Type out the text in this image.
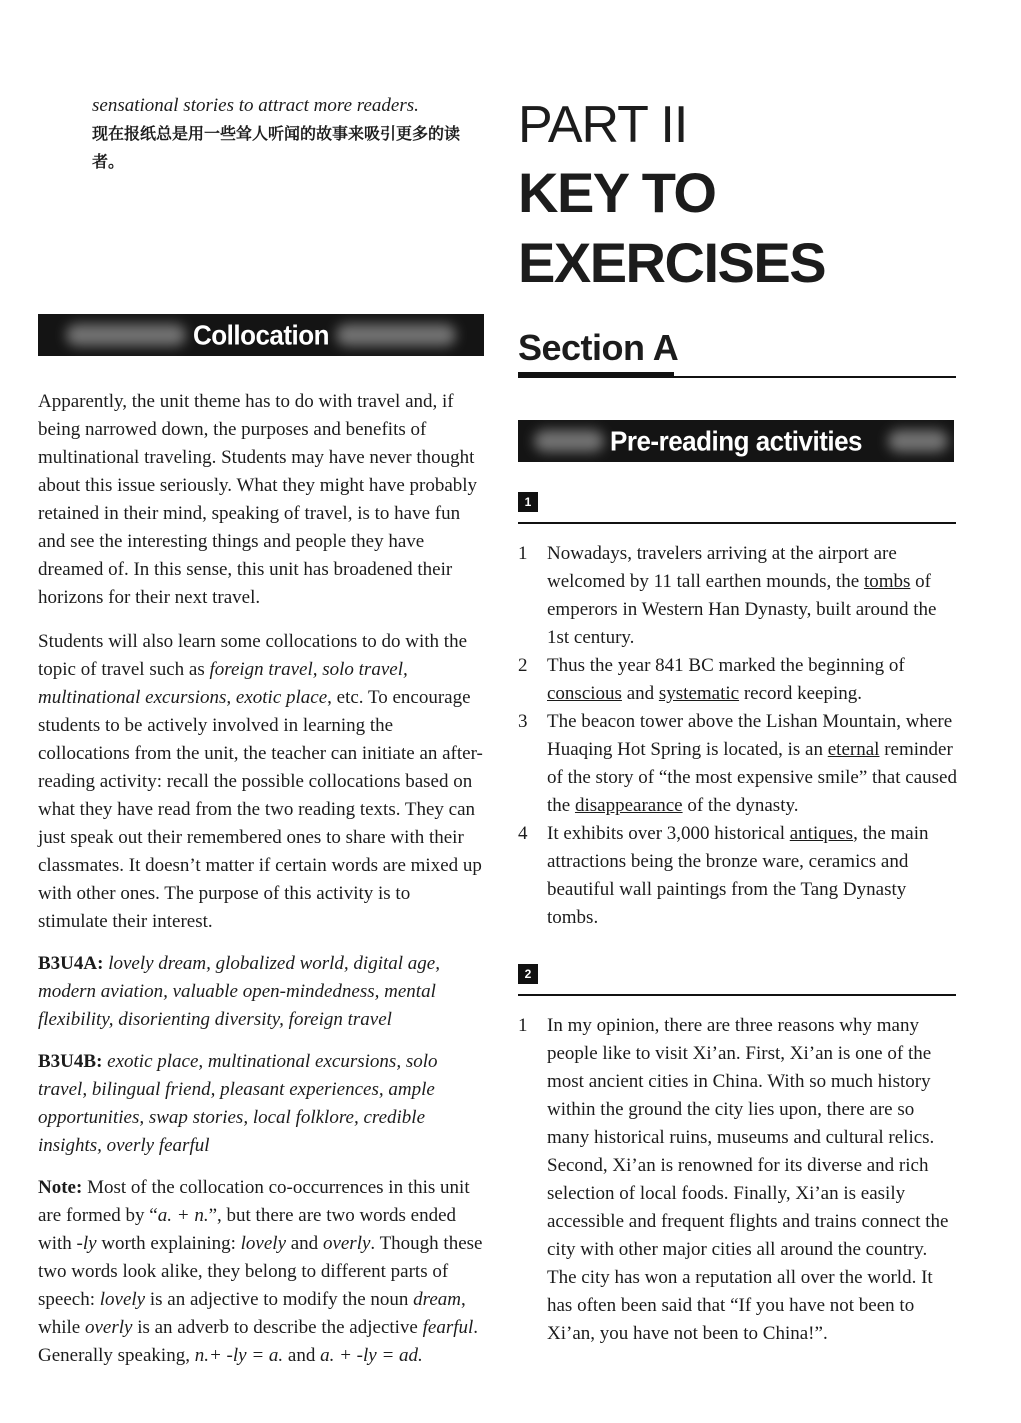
sensational stories to attract more readers.
现在报纸总是用一些耸人听闻的故事来吸引更多的读者。
Collocation

Apparently, the unit theme has to do with travel and, if being narrowed down, the purposes and benefits of multinational traveling. Students may have never thought about this issue seriously. What they might have probably retained in their mind, speaking of travel, is to have fun and see the interesting things and people they have dreamed of. In this sense, this unit has broadened their horizons for their next travel.

Students will also learn some collocations to do with the topic of travel such as foreign travel, solo travel, multinational excursions, exotic place, etc. To encourage students to be actively involved in learning the collocations from the unit, the teacher can initiate an after-reading activity: recall the possible collocations based on what they have read from the two reading texts. They can just speak out their remembered ones to share with their classmates. It doesn’t matter if certain words are mixed up with other ones. The purpose of this activity is to stimulate their interest.

B3U4A: lovely dream, globalized world, digital age, modern aviation, valuable open-mindedness, mental flexibility, disorienting diversity, foreign travel

B3U4B: exotic place, multinational excursions, solo travel, bilingual friend, pleasant experiences, ample opportunities, swap stories, local folklore, credible insights, overly fearful

Note: Most of the collocation co-occurrences in this unit are formed by “a. + n.”, but there are two words ended with -ly worth explaining: lovely and overly. Though these two words look alike, they belong to different parts of speech: lovely is an adjective to modify the noun dream, while overly is an adverb to describe the adjective fearful. Generally speaking, n.+ -ly = a. and a. + -ly = ad.

PART II
KEY TO
EXERCISES
Section A
Pre-reading activities
1
1 Nowadays, travelers arriving at the airport are welcomed by 11 tall earthen mounds, the tombs of emperors in Western Han Dynasty, built around the 1st century.
2 Thus the year 841 BC marked the beginning of conscious and systematic record keeping.
3 The beacon tower above the Lishan Mountain, where Huaqing Hot Spring is located, is an eternal reminder of the story of “the most expensive smile” that caused the disappearance of the dynasty.
4 It exhibits over 3,000 historical antiques, the main attractions being the bronze ware, ceramics and beautiful wall paintings from the Tang Dynasty tombs.
2
1 In my opinion, there are three reasons why many people like to visit Xi’an. First, Xi’an is one of the most ancient cities in China. With so much history within the ground the city lies upon, there are so many historical ruins, museums and cultural relics. Second, Xi’an is renowned for its diverse and rich selection of local foods. Finally, Xi’an is easily accessible and frequent flights and trains connect the city with other major cities all around the country. The city has won a reputation all over the world. It has often been said that “If you have not been to Xi’an, you have not been to China!”.
